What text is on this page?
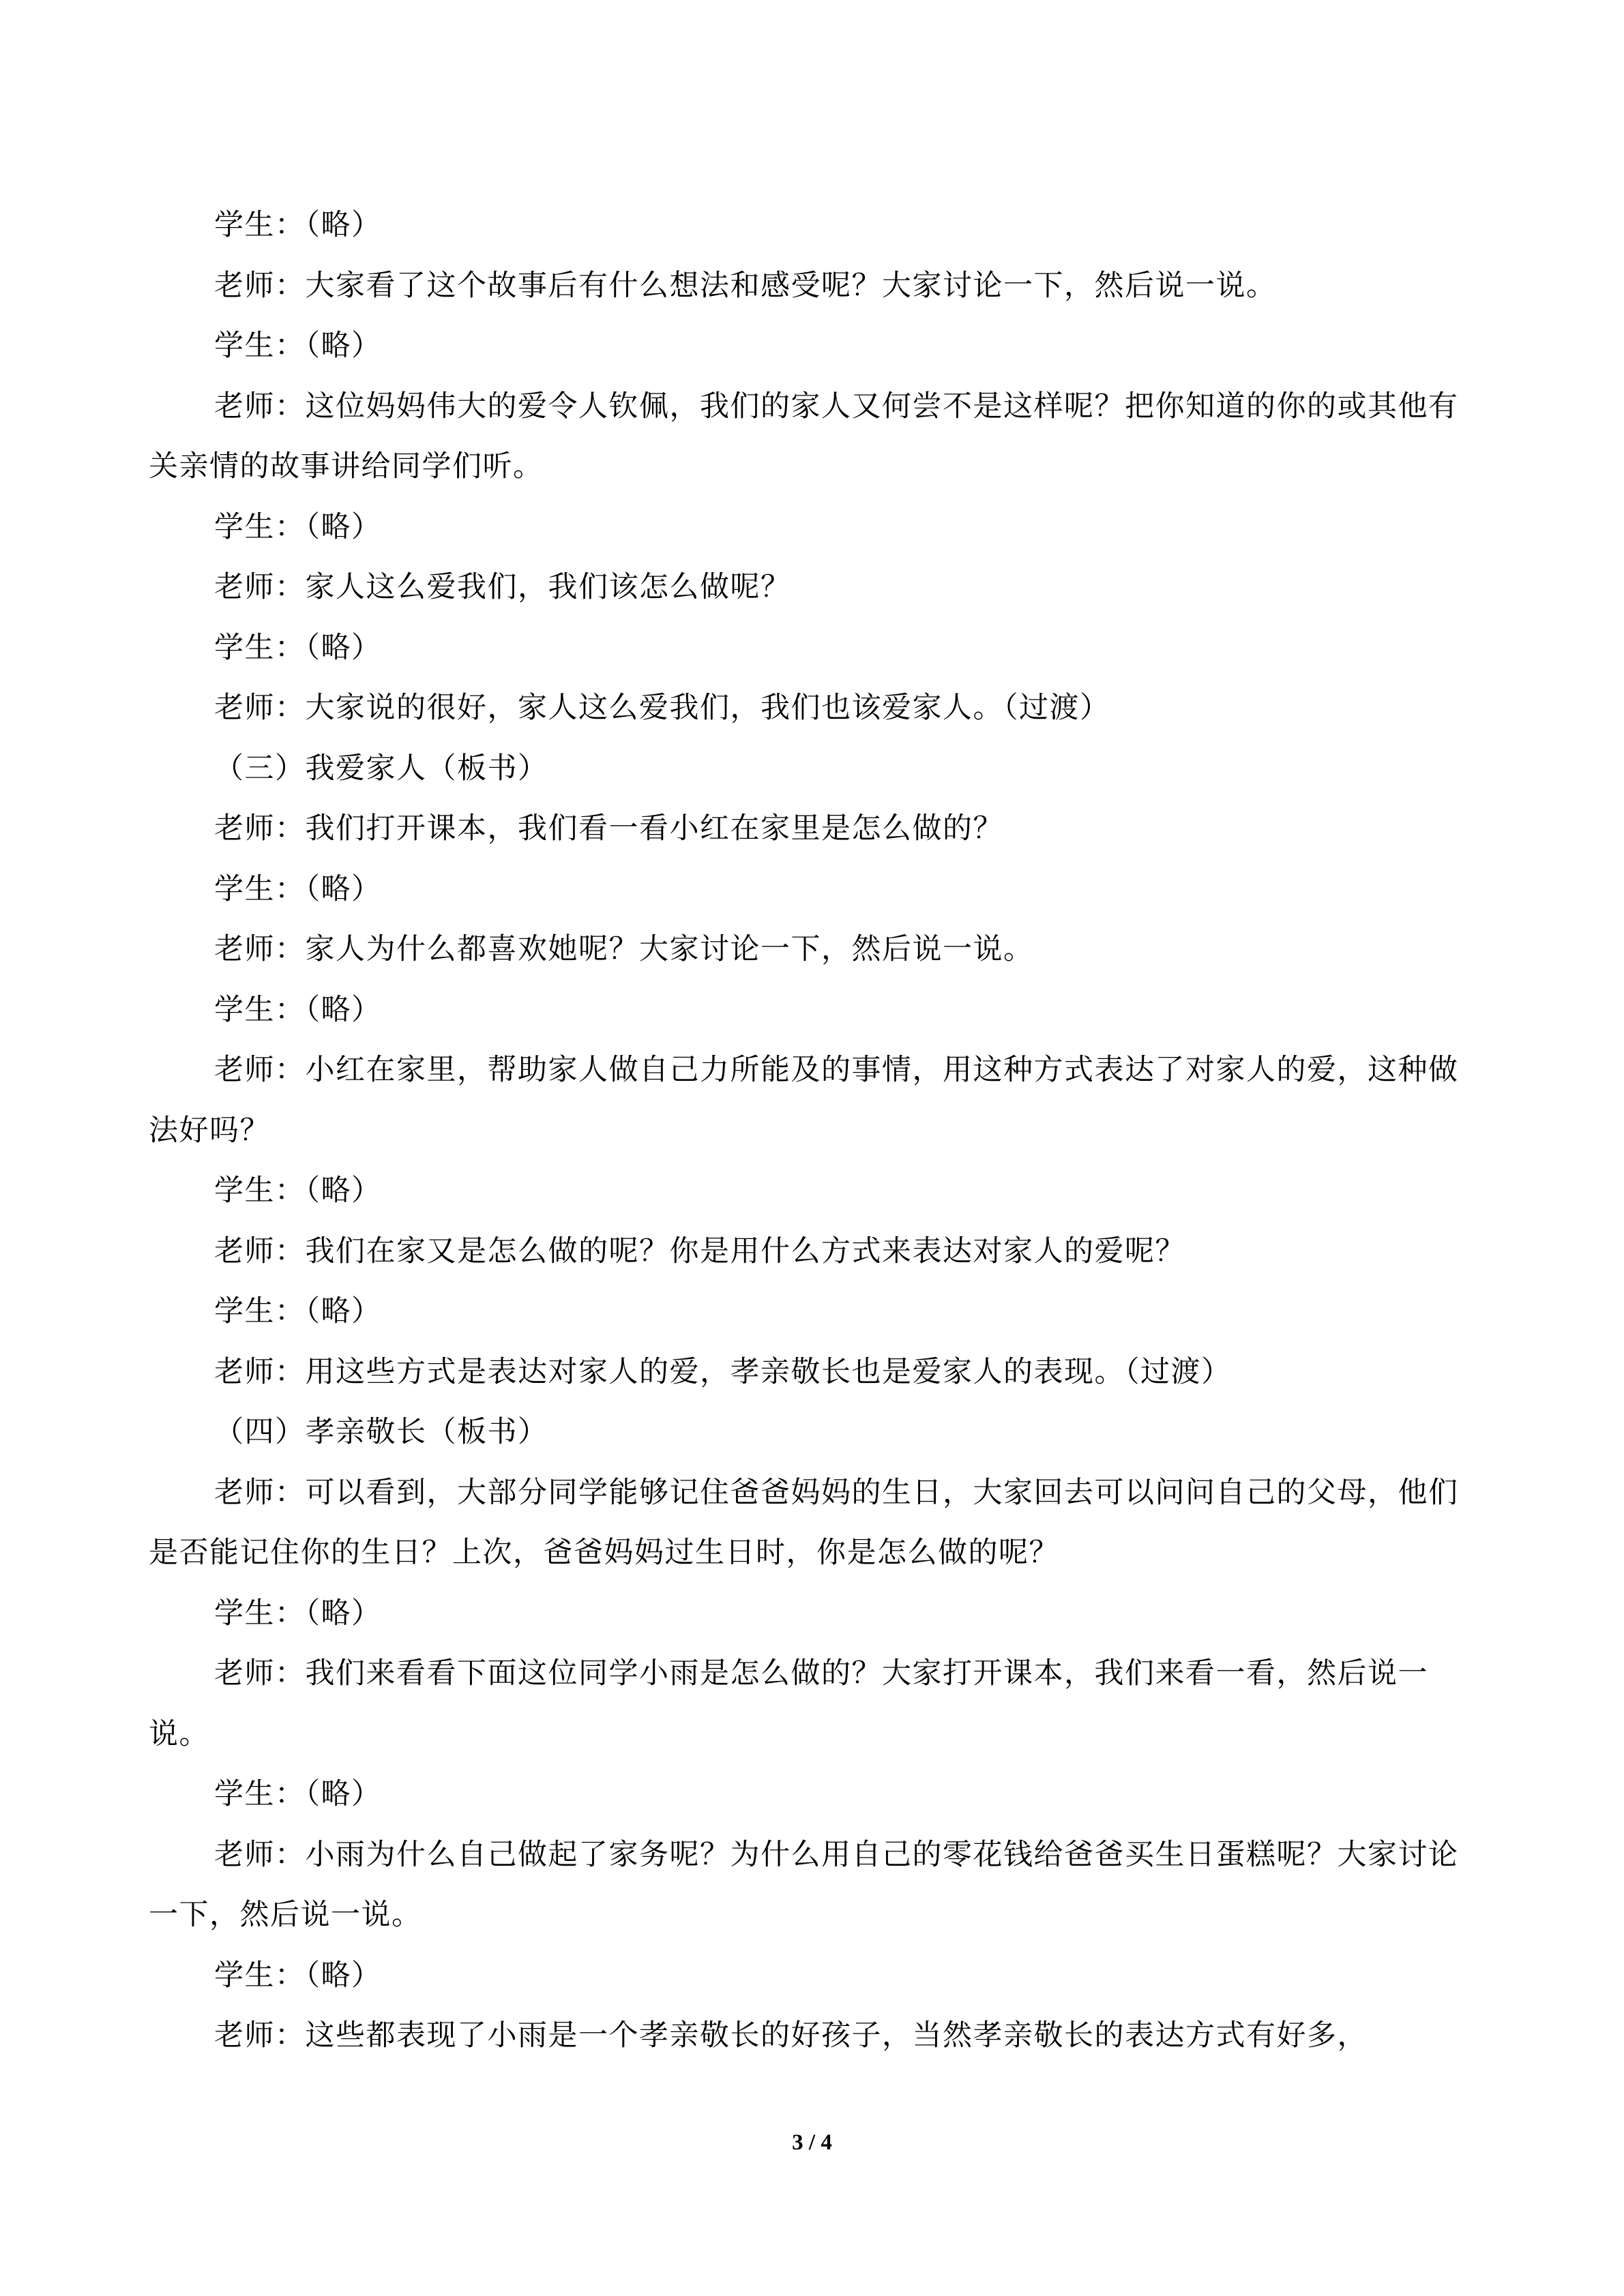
学生：（略）

老师：大家看了这个故事后有什么想法和感受呢？大家讨论一下，然后说一说。

学生：（略）

老师：这位妈妈伟大的爱令人钦佩，我们的家人又何尝不是这样呢？把你知道的你的或其他有关亲情的故事讲给同学们听。

学生：（略）

老师：家人这么爱我们，我们该怎么做呢？

学生：（略）

老师：大家说的很好，家人这么爱我们，我们也该爱家人。（过渡）

（三）我爱家人（板书）

老师：我们打开课本，我们看一看小红在家里是怎么做的？

学生：（略）

老师：家人为什么都喜欢她呢？大家讨论一下，然后说一说。

学生：（略）

老师：小红在家里，帮助家人做自己力所能及的事情，用这种方式表达了对家人的爱，这种做法好吗？

学生：（略）

老师：我们在家又是怎么做的呢？你是用什么方式来表达对家人的爱呢？

学生：（略）

老师：用这些方式是表达对家人的爱，孝亲敬长也是爱家人的表现。（过渡）

（四）孝亲敬长（板书）

老师：可以看到，大部分同学能够记住爸爸妈妈的生日，大家回去可以问问自己的父母，他们是否能记住你的生日？上次，爸爸妈妈过生日时，你是怎么做的呢？

学生：（略）

老师：我们来看看下面这位同学小雨是怎么做的？大家打开课本，我们来看一看，然后说一说。

学生：（略）

老师：小雨为什么自己做起了家务呢？为什么用自己的零花钱给爸爸买生日蛋糕呢？大家讨论一下，然后说一说。

学生：（略）

老师：这些都表现了小雨是一个孝亲敬长的好孩子，当然孝亲敬长的表达方式有好多，

3 / 4
